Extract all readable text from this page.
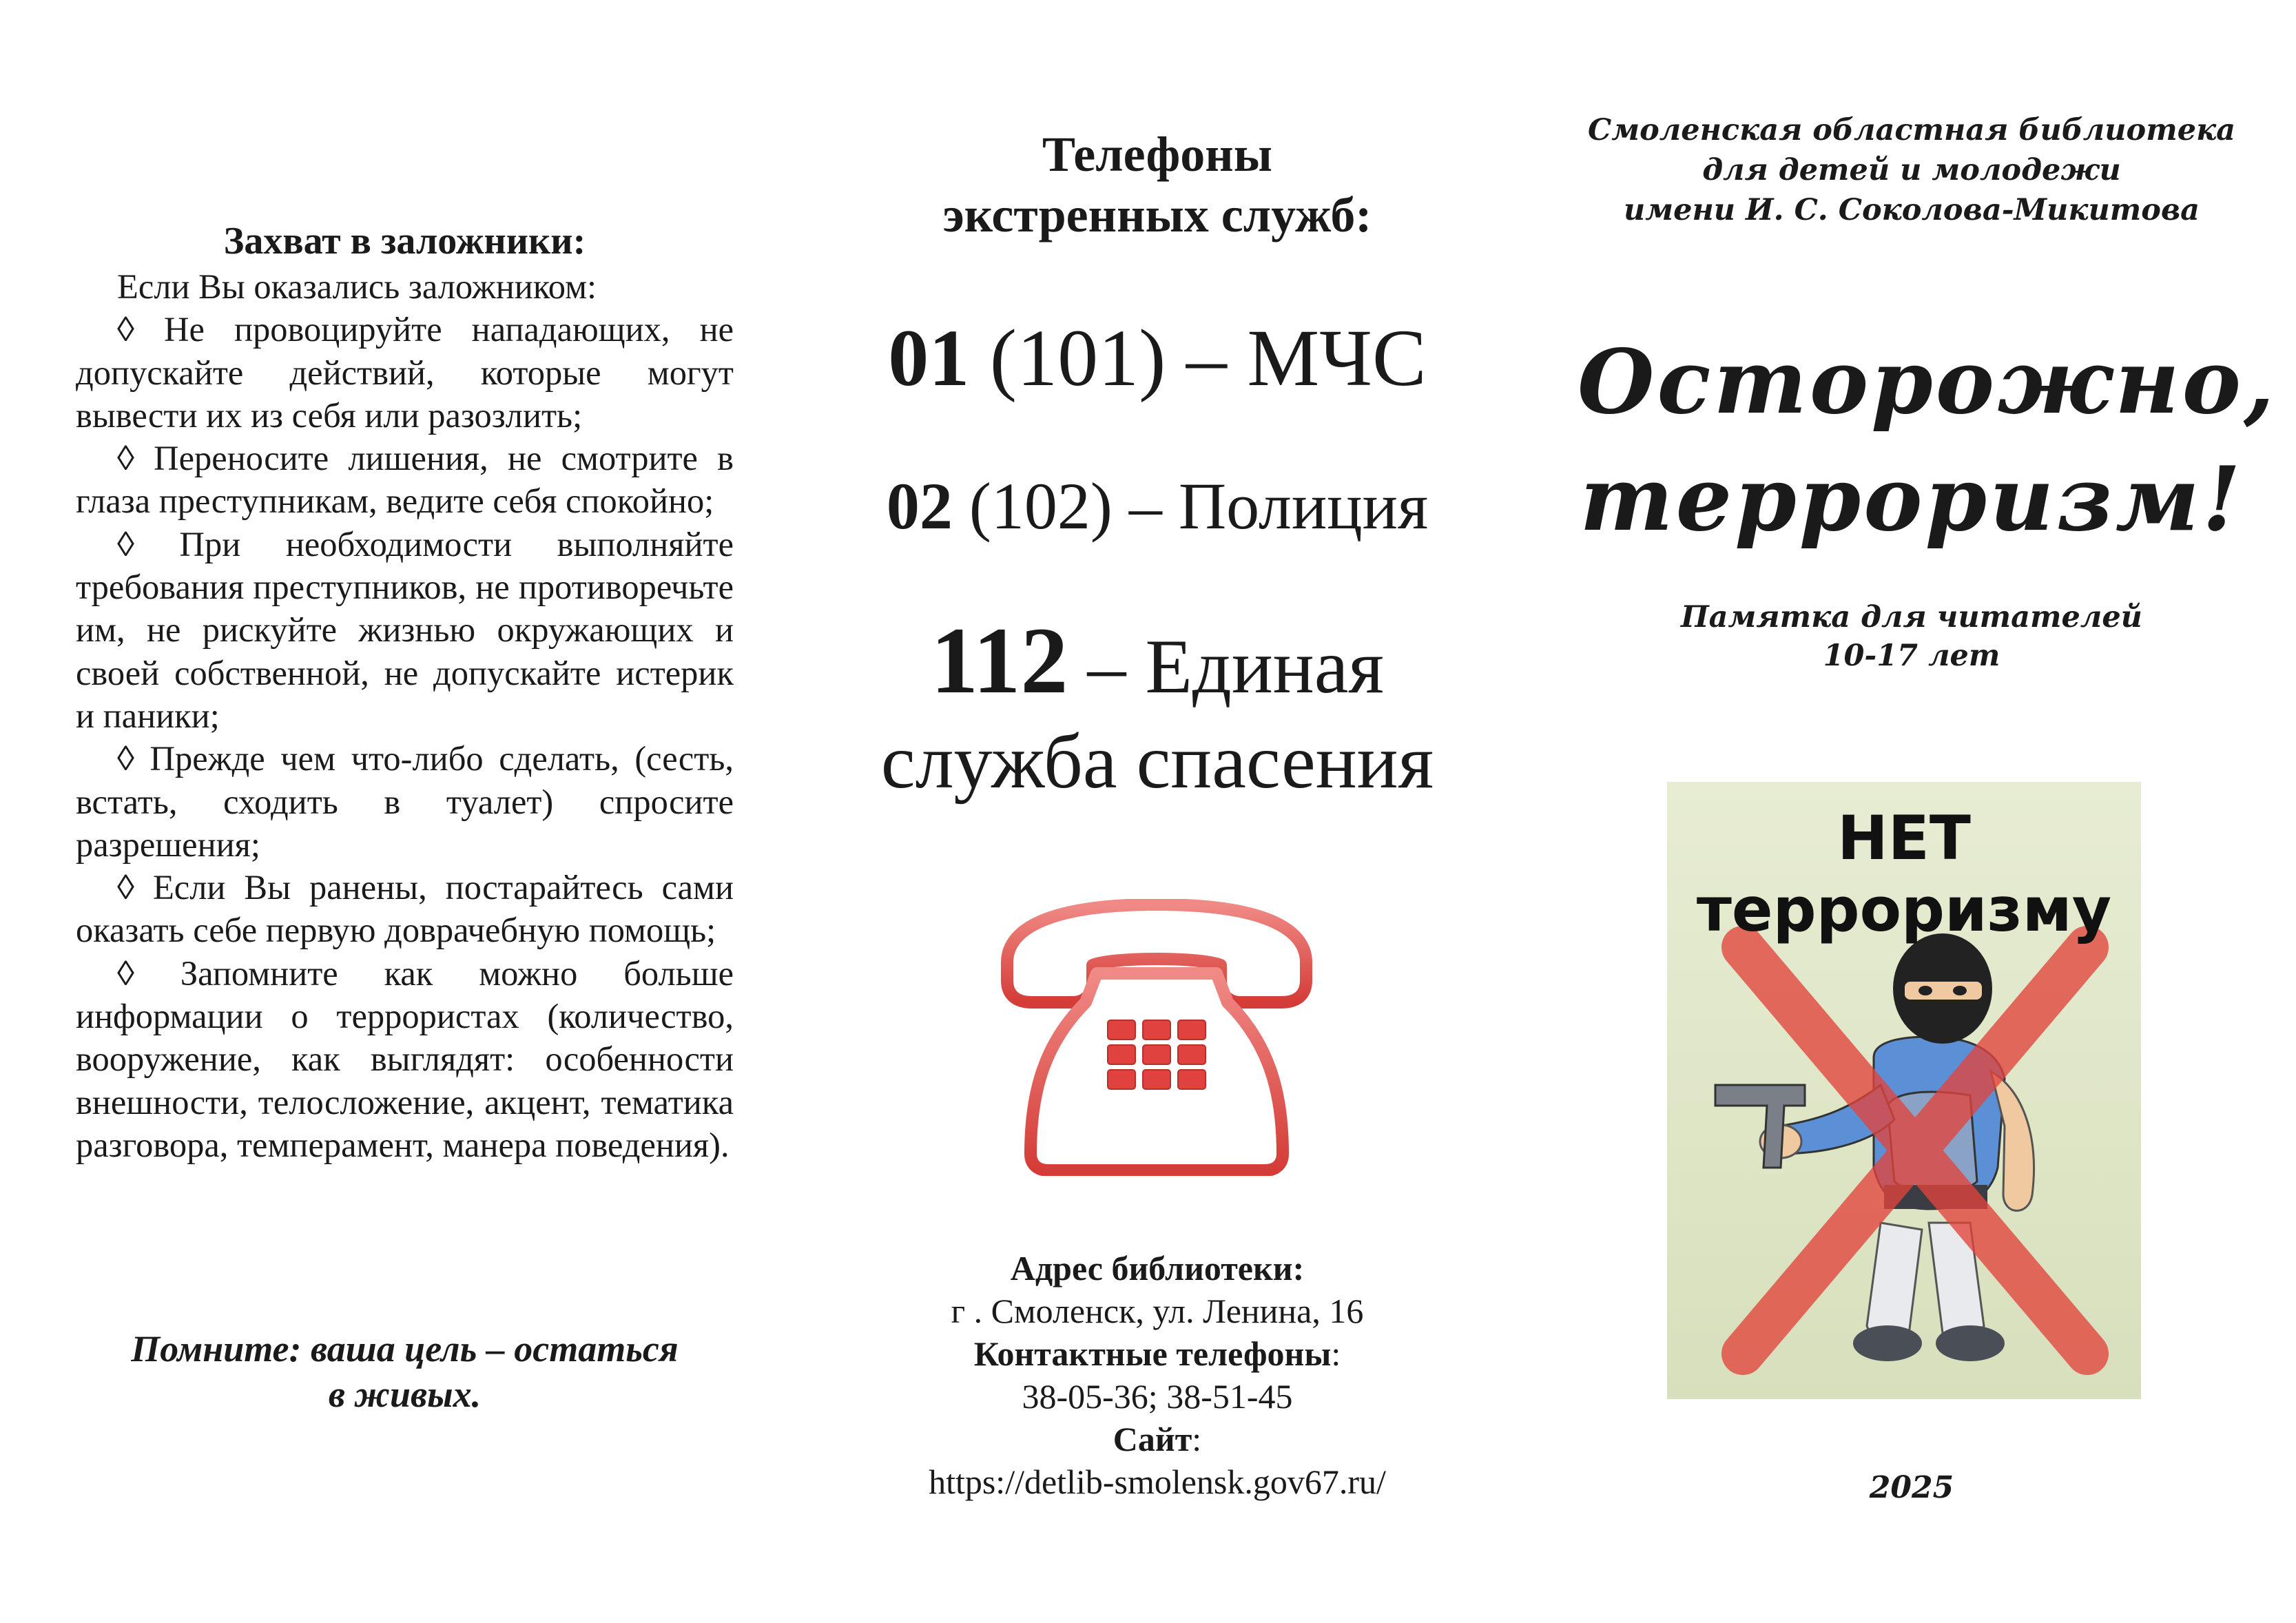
Захват в заложники:

Если Вы оказались заложником:

◊ Не провоцируйте нападающих, не допускайте действий, которые могут вывести их из себя или разозлить;

◊ Переносите лишения, не смотрите в глаза преступникам, ведите себя спокойно;

◊ При необходимости выполняйте требования преступников, не противоречьте им, не рискуйте жизнью окружающих и своей собственной, не допускайте истерик и паники;

◊ Прежде чем что-либо сделать, (сесть, встать, сходить в туалет) спросите разрешения;

◊ Если Вы ранены, постарайтесь сами оказать себе первую доврачебную помощь;

◊ Запомните как можно больше информации о террористах (количество, вооружение, как выглядят: особенности внешности, телосложение, акцент, тематика разговора, темперамент, манера поведения).

Помните: ваша цель – остаться
в живых.
Телефоны
экстренных служб:
01 (101) – МЧС
02 (102) – Полиция
112 – Единая
служба спасения
Адрес библиотеки:
г . Смоленск, ул. Ленина, 16
Контактные телефоны:
38-05-36; 38-51-45
Сайт:
https://detlib-smolensk.gov67.ru/
Смоленская областная библиотека
для детей и молодежи
имени И. С. Соколова-Микитова
Осторожно,
терроризм!
Памятка для читателей
10-17 лет
НЕТ
терроризму
2025
